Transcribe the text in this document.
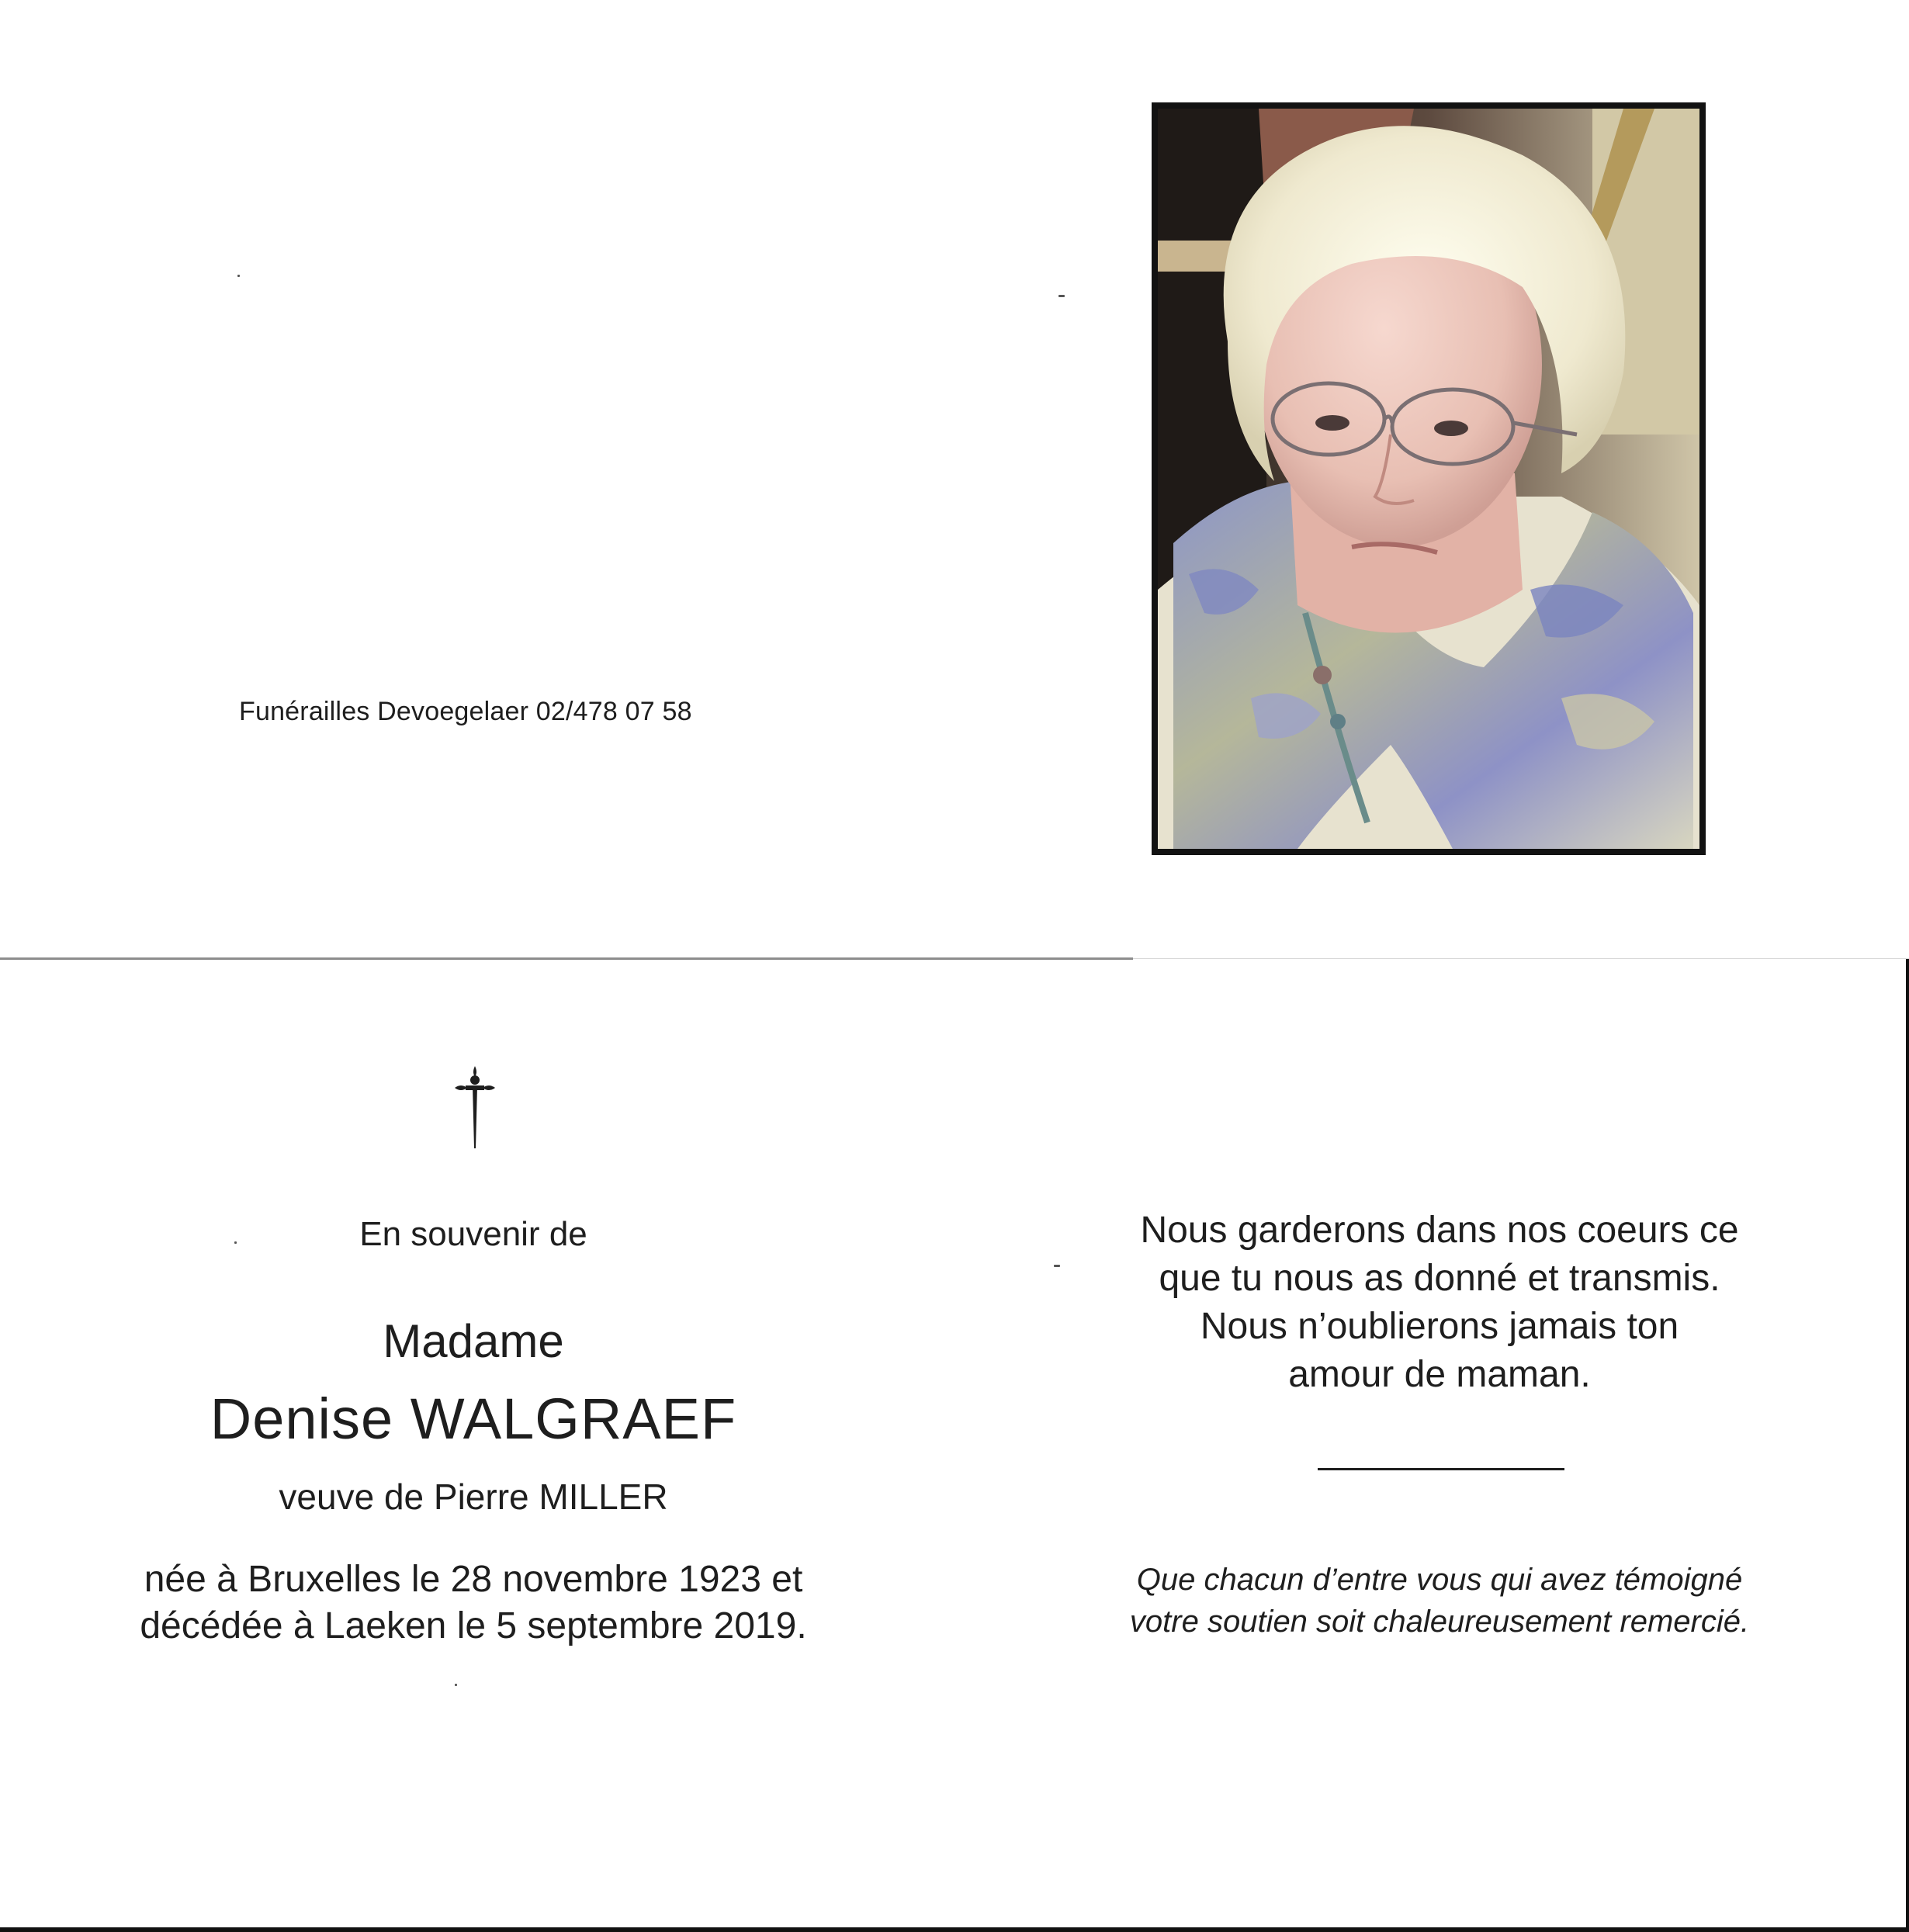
Funérailles Devoegelaer 02/478 07 58
En souvenir de
Madame
Denise WALGRAEF
veuve de Pierre MILLER
née à Bruxelles le 28 novembre 1923 et
décédée à Laeken le 5 septembre 2019.
Nous garderons dans nos coeurs ce
que tu nous as donné et transmis.
Nous n’oublierons jamais ton
amour de maman.
Que chacun d’entre vous qui avez témoigné
votre soutien soit chaleureusement remercié.
